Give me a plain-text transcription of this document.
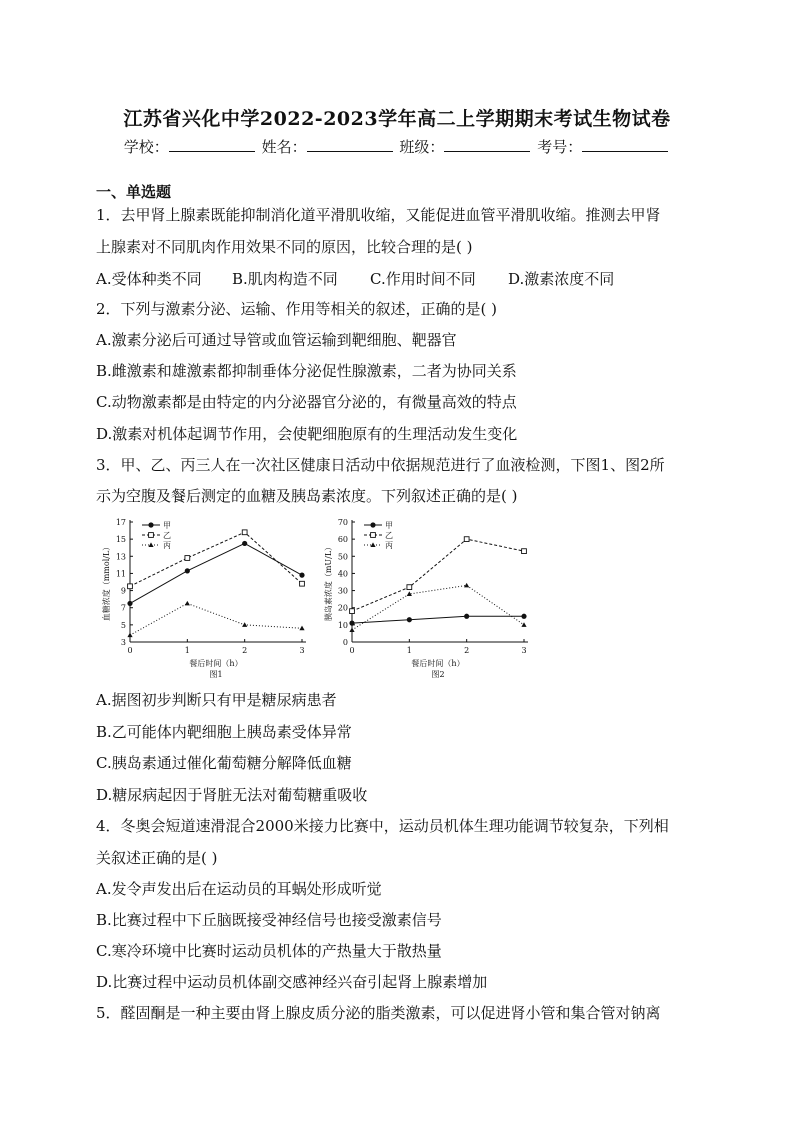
江苏省兴化中学2022-2023学年高二上学期期末考试生物试卷
学校：	姓名：	班级：	考号：
一、单选题
1．去甲肾上腺素既能抑制消化道平滑肌收缩，又能促进血管平滑肌收缩。推测去甲肾
上腺素对不同肌肉作用效果不同的原因，比较合理的是( )
A.受体种类不同 B.肌肉构造不同 C.作用时间不同 D.激素浓度不同
2．下列与激素分泌、运输、作用等相关的叙述，正确的是( )
A.激素分泌后可通过导管或血管运输到靶细胞、靶器官
B.雌激素和雄激素都抑制垂体分泌促性腺激素，二者为协同关系
C.动物激素都是由特定的内分泌器官分泌的，有微量高效的特点
D.激素对机体起调节作用，会使靶细胞原有的生理活动发生变化
3．甲、乙、丙三人在一次社区健康日活动中依据规范进行了血液检测，下图1、图2所
示为空腹及餐后测定的血糖及胰岛素浓度。下列叙述正确的是( )
3
5
7
9
11
13
15
17
0	1	2	3
餐后时间（h）
图1
血糖浓度（mmol/L）
甲
乙
丙
0
10
20
30
40
50
60
70
0	1	2	3
餐后时间（h）
图2
胰岛素浓度（mU/L）
甲
乙
丙
A.据图初步判断只有甲是糖尿病患者
B.乙可能体内靶细胞上胰岛素受体异常
C.胰岛素通过催化葡萄糖分解降低血糖
D.糖尿病起因于肾脏无法对葡萄糖重吸收
4．冬奥会短道速滑混合2000米接力比赛中，运动员机体生理功能调节较复杂，下列相
关叙述正确的是( )
A.发令声发出后在运动员的耳蜗处形成听觉
B.比赛过程中下丘脑既接受神经信号也接受激素信号
C.寒冷环境中比赛时运动员机体的产热量大于散热量
D.比赛过程中运动员机体副交感神经兴奋引起肾上腺素增加
5．醛固酮是一种主要由肾上腺皮质分泌的脂类激素，可以促进肾小管和集合管对钠离
